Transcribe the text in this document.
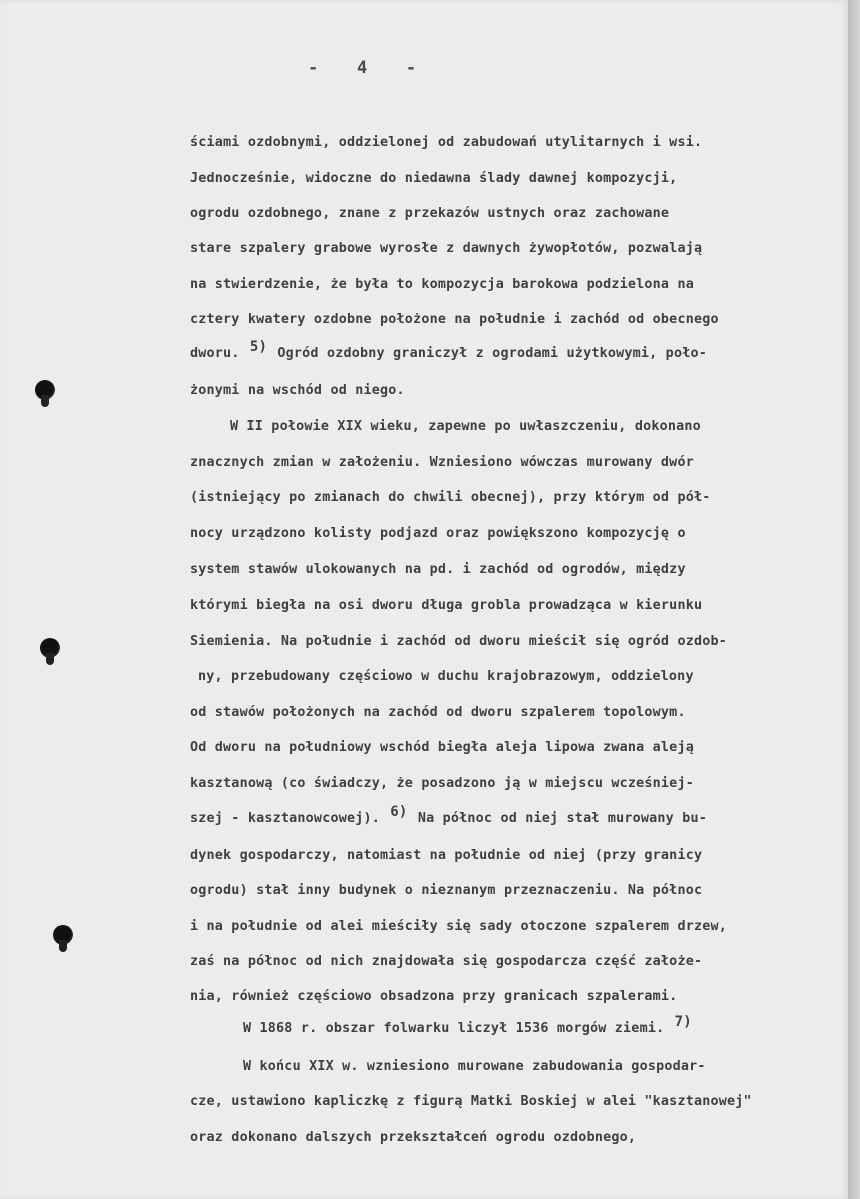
-   4   -
ściami ozdobnymi, oddzielonej od zabudowań utylitarnych i wsi.
Jednocześnie, widoczne do niedawna ślady dawnej kompozycji,
ogrodu ozdobnego, znane z przekazów ustnych oraz zachowane
stare szpalery grabowe wyrosłe z dawnych żywopłotów, pozwalają
na stwierdzenie, że była to kompozycja barokowa podzielona na
cztery kwatery ozdobne położone na południe i zachód od obecnego
dworu. 5) Ogród ozdobny graniczył z ogrodami użytkowymi, poło-
żonymi na wschód od niego.
W II połowie XIX wieku, zapewne po uwłaszczeniu, dokonano
znacznych zmian w założeniu. Wzniesiono wówczas murowany dwór
(istniejący po zmianach do chwili obecnej), przy którym od pół-
nocy urządzono kolisty podjazd oraz powiększono kompozycję o
system stawów ulokowanych na pd. i zachód od ogrodów, między
którymi biegła na osi dworu długa grobla prowadząca w kierunku
Siemienia. Na południe i zachód od dworu mieścił się ogród ozdob-
ny, przebudowany częściowo w duchu krajobrazowym, oddzielony
od stawów położonych na zachód od dworu szpalerem topolowym.
Od dworu na południowy wschód biegła aleja lipowa zwana aleją
kasztanową (co świadczy, że posadzono ją w miejscu wcześniej-
szej - kasztanowcowej). 6) Na północ od niej stał murowany bu-
dynek gospodarczy, natomiast na południe od niej (przy granicy
ogrodu) stał inny budynek o nieznanym przeznaczeniu. Na północ
i na południe od alei mieściły się sady otoczone szpalerem drzew,
zaś na północ od nich znajdowała się gospodarcza część założe-
nia, również częściowo obsadzona przy granicach szpalerami.
W 1868 r. obszar folwarku liczył 1536 morgów ziemi. 7)
W końcu XIX w. wzniesiono murowane zabudowania gospodar-
cze, ustawiono kapliczkę z figurą Matki Boskiej w alei "kasztanowej"
oraz dokonano dalszych przekształceń ogrodu ozdobnego,
